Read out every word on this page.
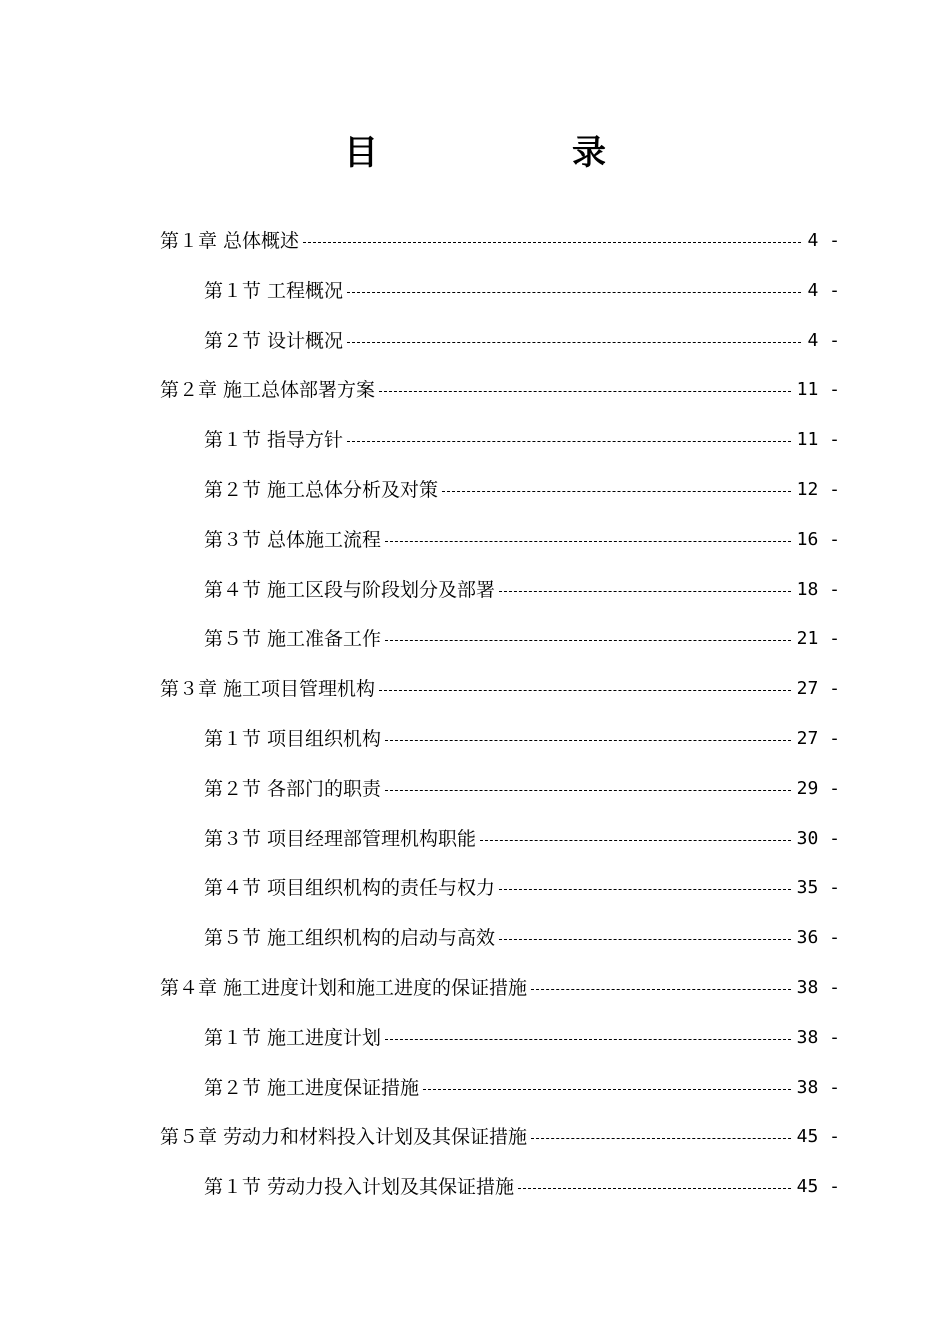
目　录
第１章 总体概述	4 -
第１节 工程概况	4 -
第２节 设计概况	4 -
第２章 施工总体部署方案	11 -
第１节 指导方针	11 -
第２节 施工总体分析及对策	12 -
第３节 总体施工流程	16 -
第４节 施工区段与阶段划分及部署	18 -
第５节 施工准备工作	21 -
第３章 施工项目管理机构	27 -
第１节 项目组织机构	27 -
第２节 各部门的职责	29 -
第３节 项目经理部管理机构职能	30 -
第４节 项目组织机构的责任与权力	35 -
第５节 施工组织机构的启动与高效	36 -
第４章 施工进度计划和施工进度的保证措施	38 -
第１节 施工进度计划	38 -
第２节 施工进度保证措施	38 -
第５章 劳动力和材料投入计划及其保证措施	45 -
第１节 劳动力投入计划及其保证措施	45 -
